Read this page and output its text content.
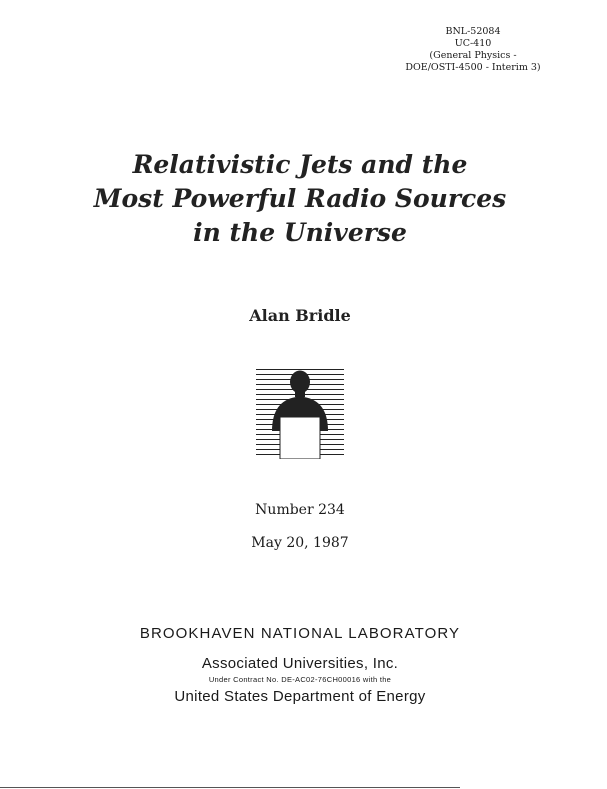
BNL-52084
UC-410
(General Physics -
DOE/OSTI-4500 - Interim 3)
Relativistic Jets and the
Most Powerful Radio Sources
in the Universe
Alan Bridle
Number 234
May 20, 1987
BROOKHAVEN NATIONAL LABORATORY
Associated Universities, Inc.
Under Contract No. DE-AC02-76CH00016 with the
United States Department of Energy
